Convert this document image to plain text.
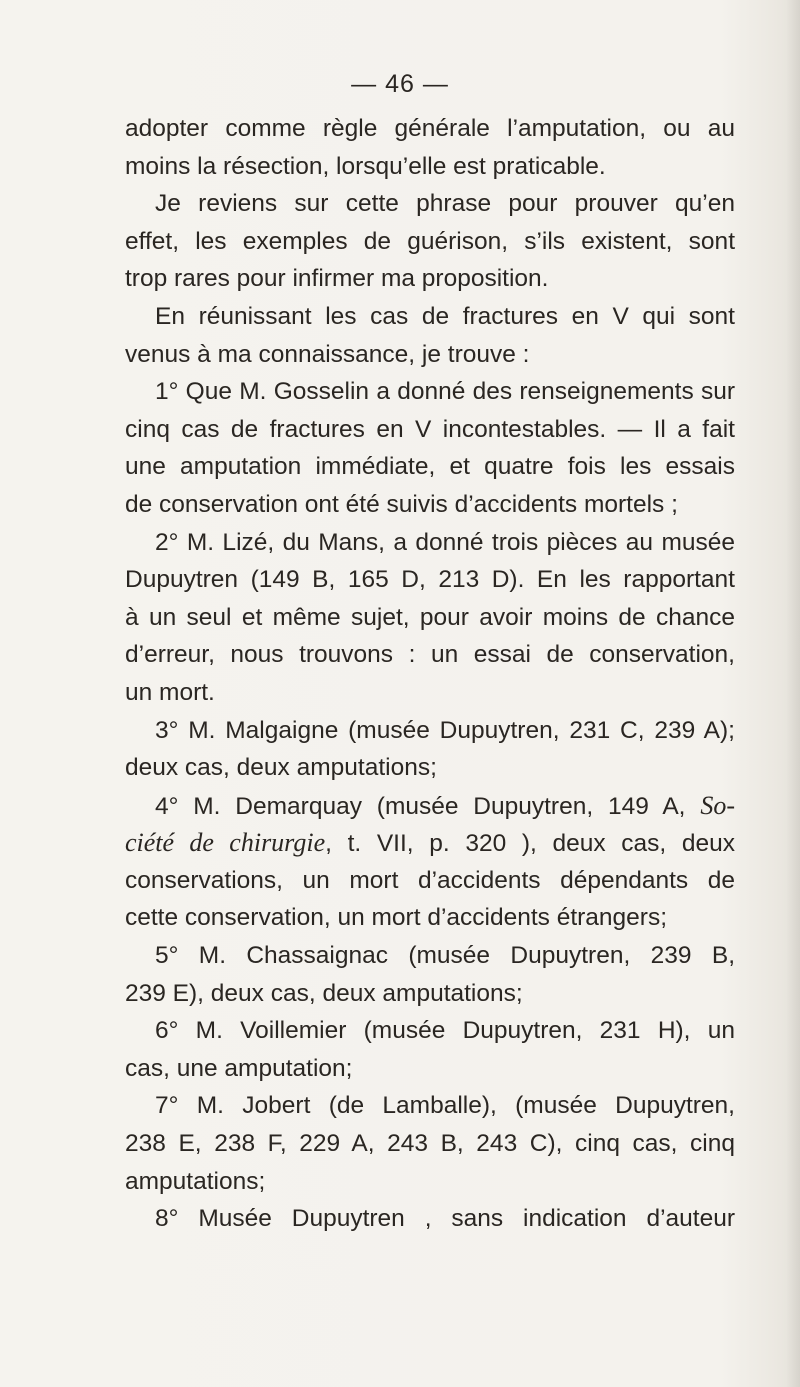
— 46 —
adopter comme règle générale l’amputation, ou au
moins la résection, lorsqu’elle est praticable.
Je reviens sur cette phrase pour prouver qu’en
effet, les exemples de guérison, s’ils existent, sont
trop rares pour infirmer ma proposition.
En réunissant les cas de fractures en V qui sont
venus à ma connaissance, je trouve :
1° Que M. Gosselin a donné des renseignements sur
cinq cas de fractures en V incontestables. — Il a fait
une amputation immédiate, et quatre fois les essais
de conservation ont été suivis d’accidents mortels ;
2° M. Lizé, du Mans, a donné trois pièces au musée
Dupuytren (149 B, 165 D, 213 D). En les rapportant
à un seul et même sujet, pour avoir moins de chance
d’erreur, nous trouvons : un essai de conservation,
un mort.
3° M. Malgaigne (musée Dupuytren, 231 C, 239 A);
deux cas, deux amputations;
4° M. Demarquay (musée Dupuytren, 149 A, So-
ciété de chirurgie, t. VII, p. 320 ), deux cas, deux
conservations, un mort d’accidents dépendants de
cette conservation, un mort d’accidents étrangers;
5° M. Chassaignac (musée Dupuytren, 239 B,
239 E), deux cas, deux amputations;
6° M. Voillemier (musée Dupuytren, 231 H), un
cas, une amputation;
7° M. Jobert (de Lamballe), (musée Dupuytren,
238 E, 238 F, 229 A, 243 B, 243 C), cinq cas, cinq
amputations;
8° Musée Dupuytren , sans indication d’auteur
